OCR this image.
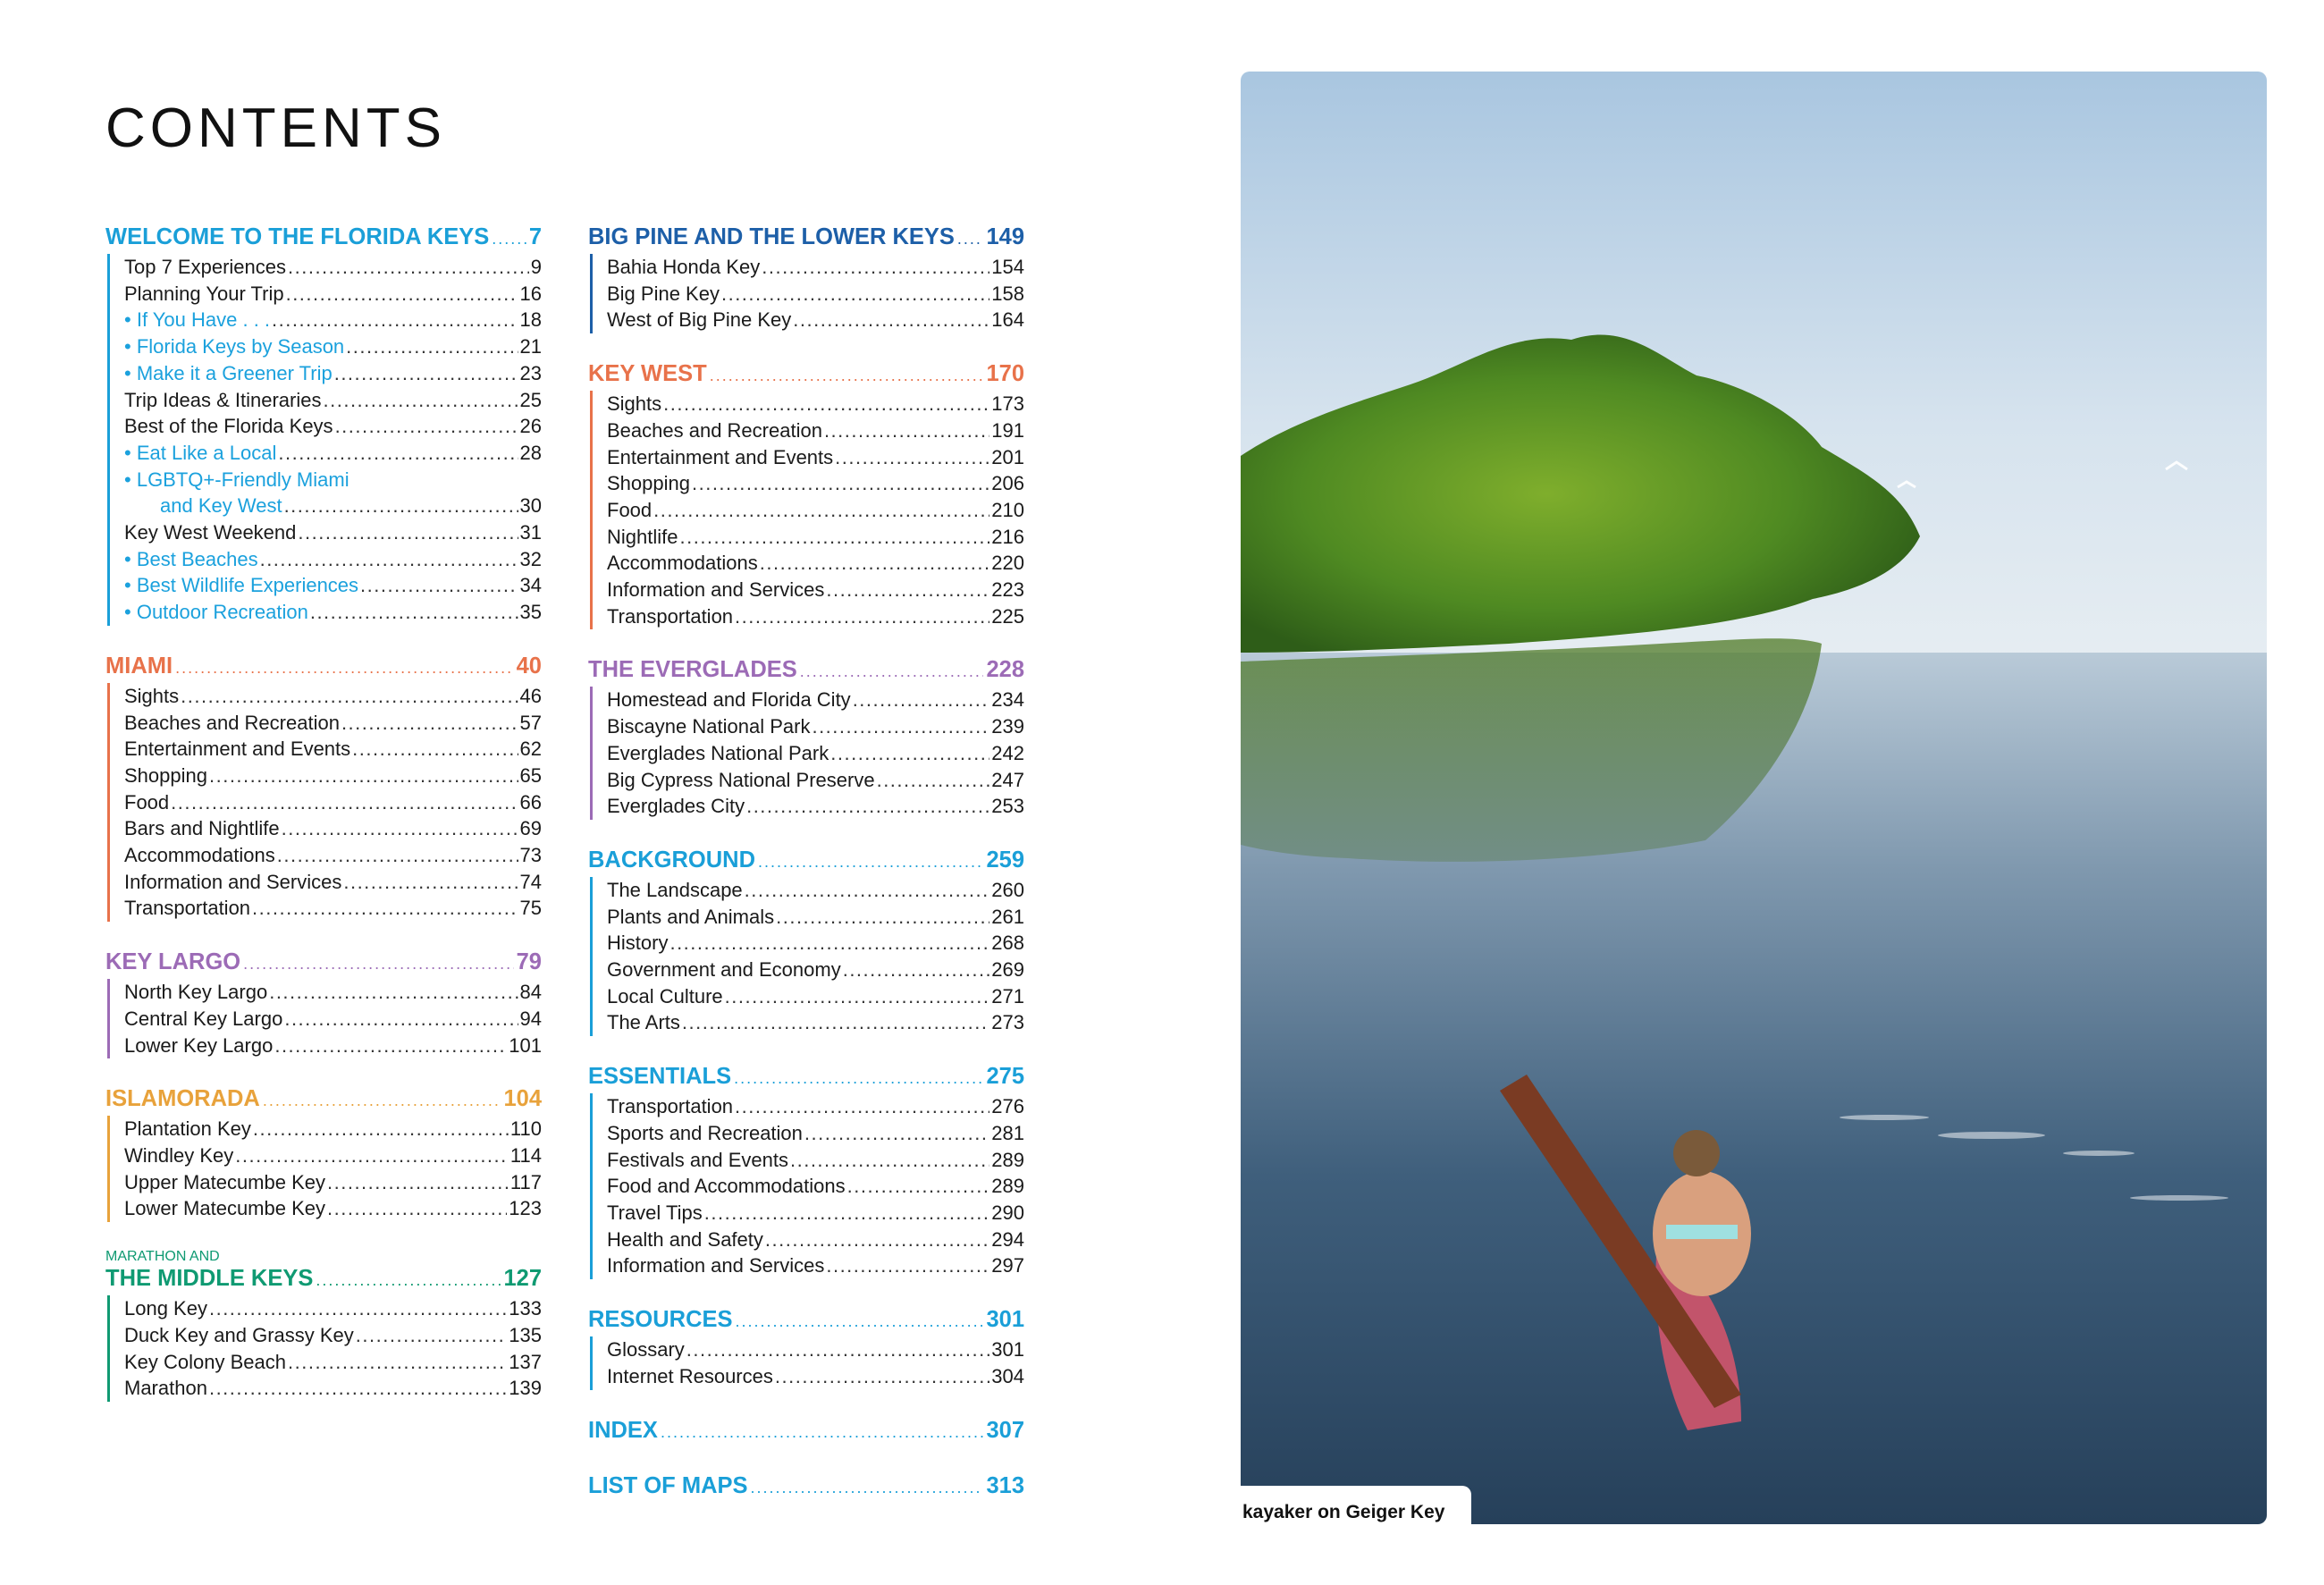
CONTENTS
WELCOME TO THE FLORIDA KEYS ..... 7
Top 7 Experiences .....	9
Planning Your Trip .....	16
• If You Have . . . .....	18
• Florida Keys by Season .....	21
• Make it a Greener Trip .....	23
Trip Ideas & Itineraries .....	25
Best of the Florida Keys .....	26
• Eat Like a Local .....	28
• LGBTQ+-Friendly Miami
and Key West .....	30
Key West Weekend .....	31
• Best Beaches .....	32
• Best Wildlife Experiences .....	34
• Outdoor Recreation .....	35
MIAMI .....	40
Sights .....	46
Beaches and Recreation .....	57
Entertainment and Events .....	62
Shopping .....	65
Food .....	66
Bars and Nightlife .....	69
Accommodations .....	73
Information and Services .....	74
Transportation .....	75
KEY LARGO .....	79
North Key Largo .....	84
Central Key Largo .....	94
Lower Key Largo .....	101
ISLAMORADA .....	104
Plantation Key .....	110
Windley Key .....	114
Upper Matecumbe Key .....	117
Lower Matecumbe Key .....	123
MARATHON AND
THE MIDDLE KEYS .....	127
Long Key .....	133
Duck Key and Grassy Key .....	135
Key Colony Beach .....	137
Marathon .....	139
BIG PINE AND THE LOWER KEYS ..... 149
Bahia Honda Key .....	154
Big Pine Key .....	158
West of Big Pine Key .....	164
KEY WEST .....	170
Sights .....	173
Beaches and Recreation .....	191
Entertainment and Events .....	201
Shopping .....	206
Food .....	210
Nightlife .....	216
Accommodations .....	220
Information and Services .....	223
Transportation .....	225
THE EVERGLADES .....	228
Homestead and Florida City .....	234
Biscayne National Park .....	239
Everglades National Park .....	242
Big Cypress National Preserve .....	247
Everglades City .....	253
BACKGROUND .....	259
The Landscape .....	260
Plants and Animals .....	261
History .....	268
Government and Economy .....	269
Local Culture .....	271
The Arts .....	273
ESSENTIALS .....	275
Transportation .....	276
Sports and Recreation .....	281
Festivals and Events .....	289
Food and Accommodations .....	289
Travel Tips .....	290
Health and Safety .....	294
Information and Services .....	297
RESOURCES .....	301
Glossary .....	301
Internet Resources .....	304
INDEX .....	307
LIST OF MAPS .....	313
kayaker on Geiger Key
